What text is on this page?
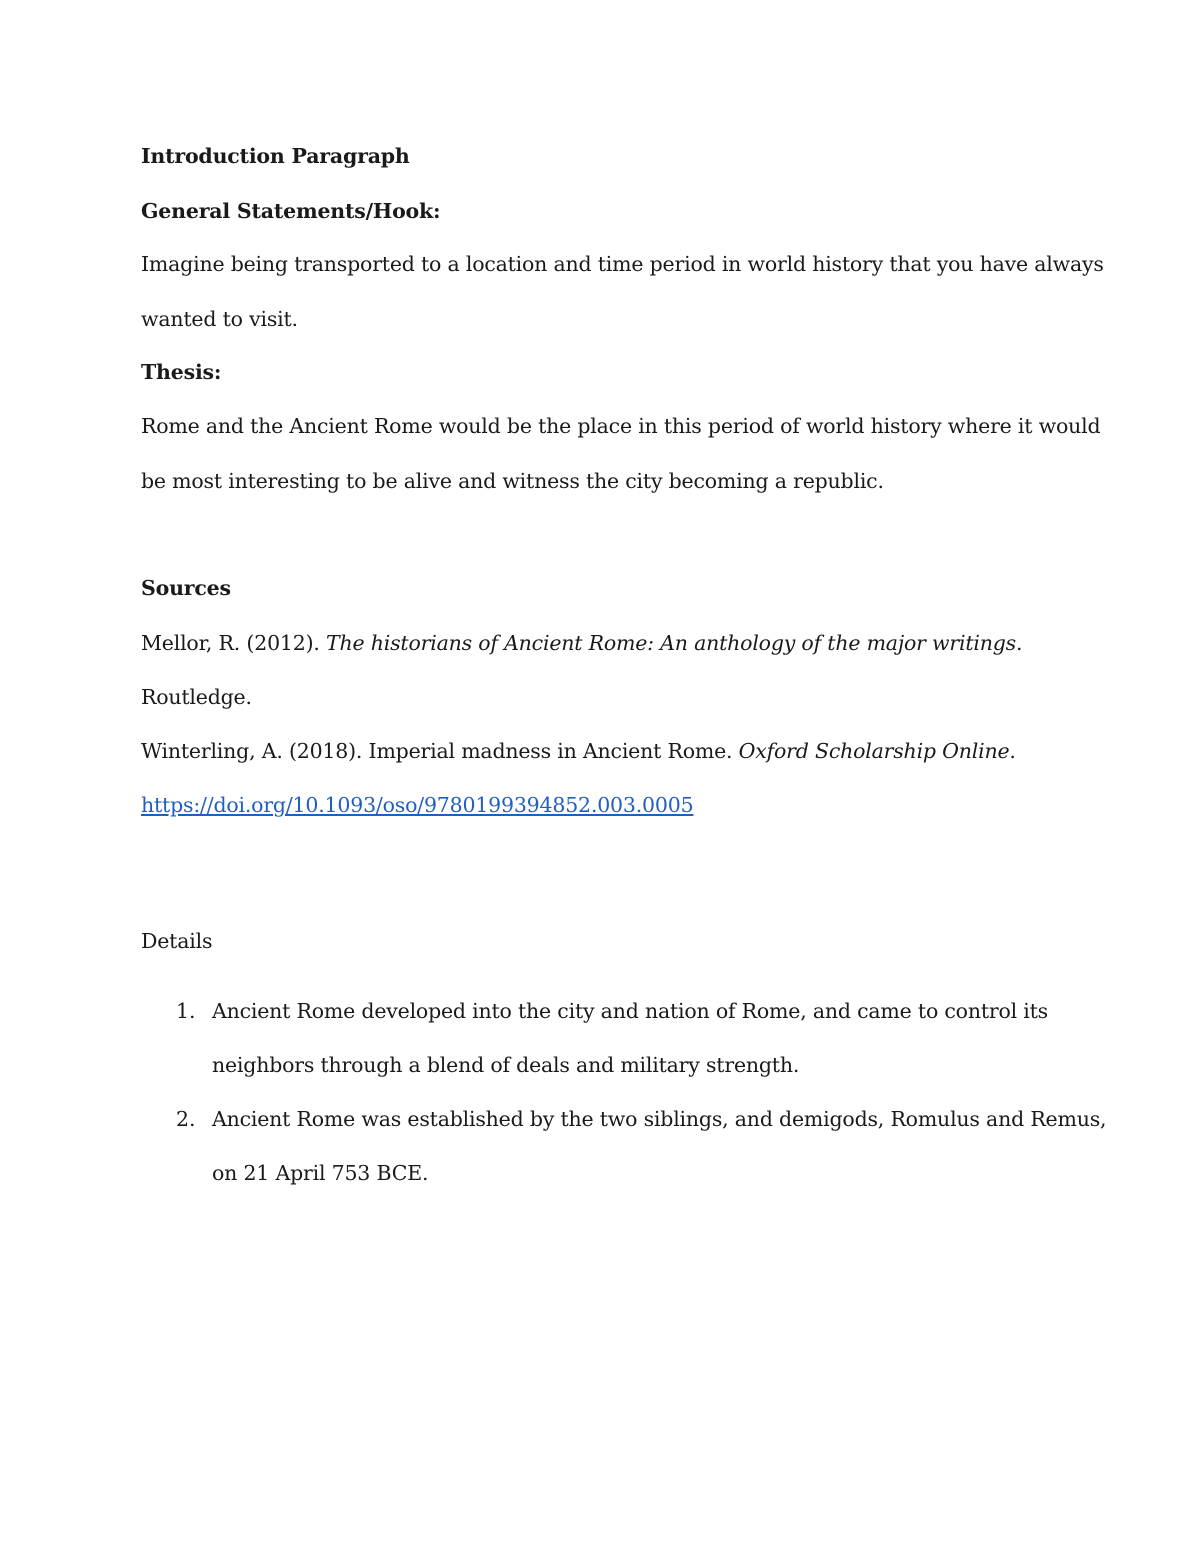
Introduction Paragraph
General Statements/Hook:
Imagine being transported to a location and time period in world history that you have always
wanted to visit.
Thesis:
Rome and the Ancient Rome would be the place in this period of world history where it would
be most interesting to be alive and witness the city becoming a republic.
Sources
Mellor, R. (2012). The historians of Ancient Rome: An anthology of the major writings.
Routledge.
Winterling, A. (2018). Imperial madness in Ancient Rome. Oxford Scholarship Online.
https://doi.org/10.1093/oso/9780199394852.003.0005
Details
1. Ancient Rome developed into the city and nation of Rome, and came to control its
neighbors through a blend of deals and military strength.
2. Ancient Rome was established by the two siblings, and demigods, Romulus and Remus,
on 21 April 753 BCE.
